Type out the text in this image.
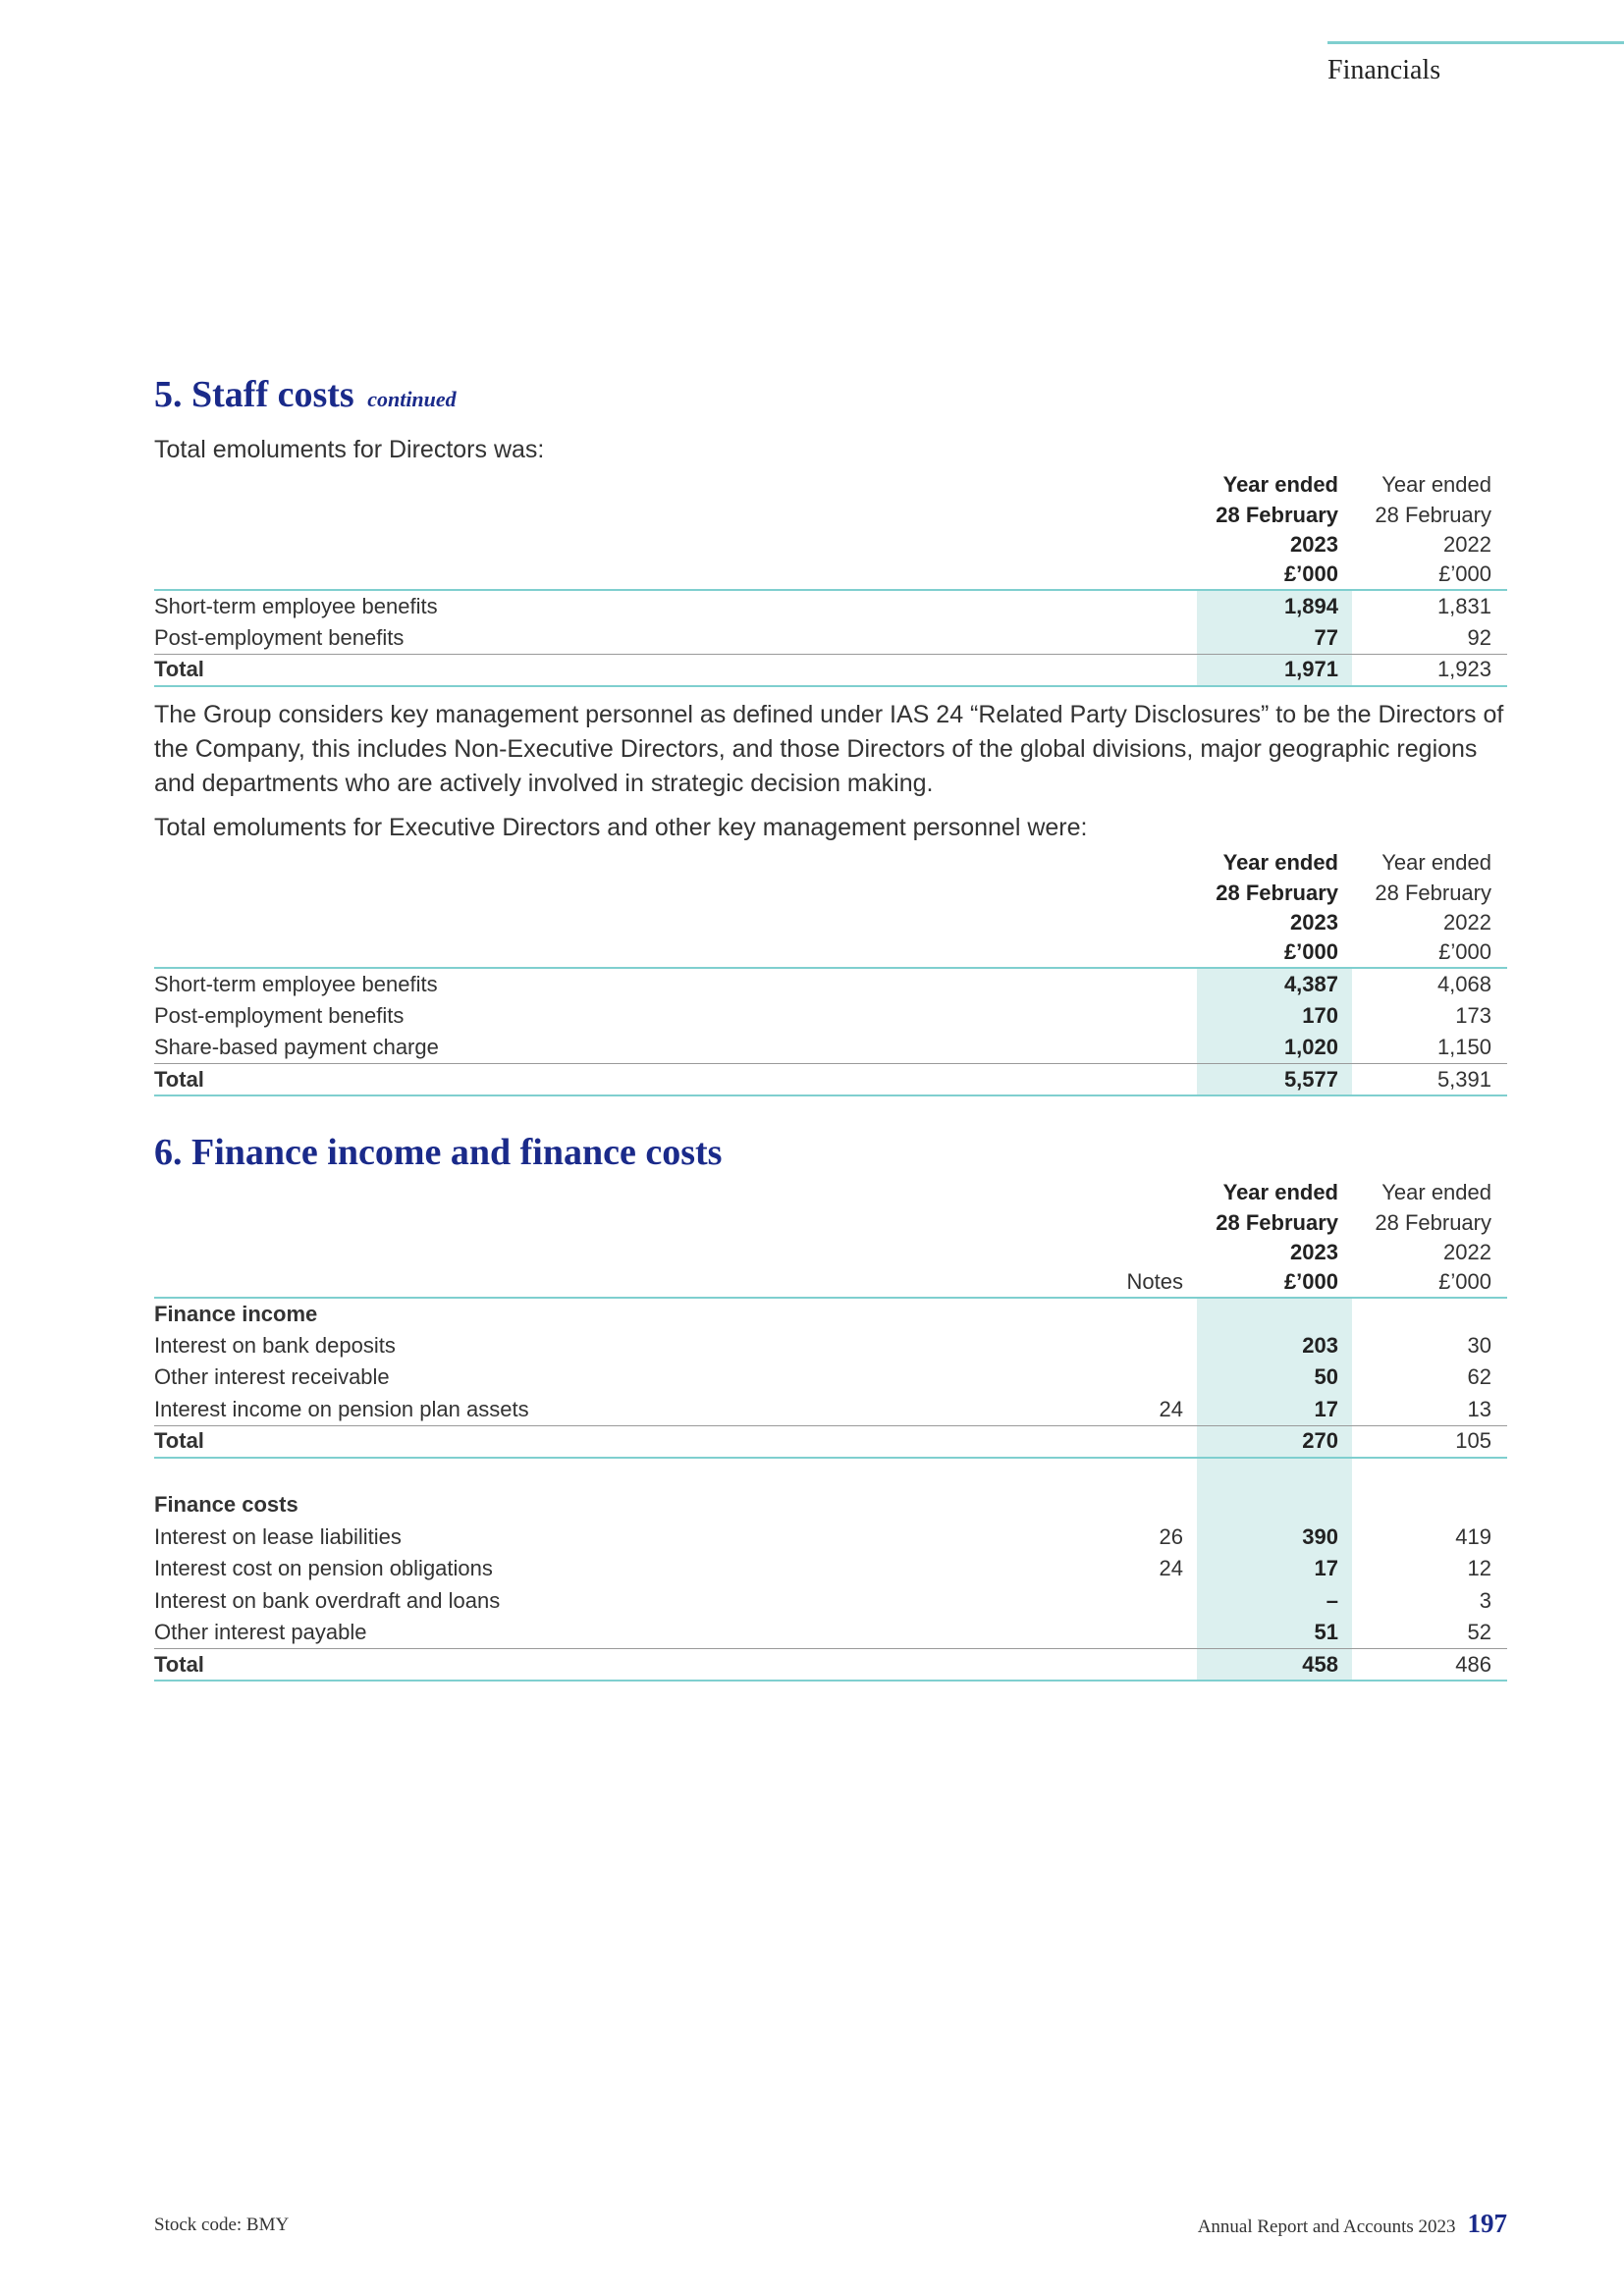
Financials
5. Staff costs continued
Total emoluments for Directors was:
		Year ended	Year ended
		28 February	28 February
		2023	2022
		£’000	£’000
Short-term employee benefits		1,894	1,831
Post-employment benefits		77	92
Total		1,971	1,923
The Group considers key management personnel as defined under IAS 24 “Related Party Disclosures” to be the Directors of the Company, this includes Non-Executive Directors, and those Directors of the global divisions, major geographic regions and departments who are actively involved in strategic decision making.
Total emoluments for Executive Directors and other key management personnel were:
		Year ended	Year ended
		28 February	28 February
		2023	2022
		£’000	£’000
Short-term employee benefits		4,387	4,068
Post-employment benefits		170	173
Share-based payment charge		1,020	1,150
Total		5,577	5,391
6. Finance income and finance costs
		Year ended	Year ended
		28 February	28 February
		2023	2022
	Notes	£’000	£’000
Finance income			
Interest on bank deposits		203	30
Other interest receivable		50	62
Interest income on pension plan assets	24	17	13
Total		270	105

Finance costs			
Interest on lease liabilities	26	390	419
Interest cost on pension obligations	24	17	12
Interest on bank overdraft and loans		–	3
Other interest payable		51	52
Total		458	486
Stock code: BMY	Annual Report and Accounts 2023 197
